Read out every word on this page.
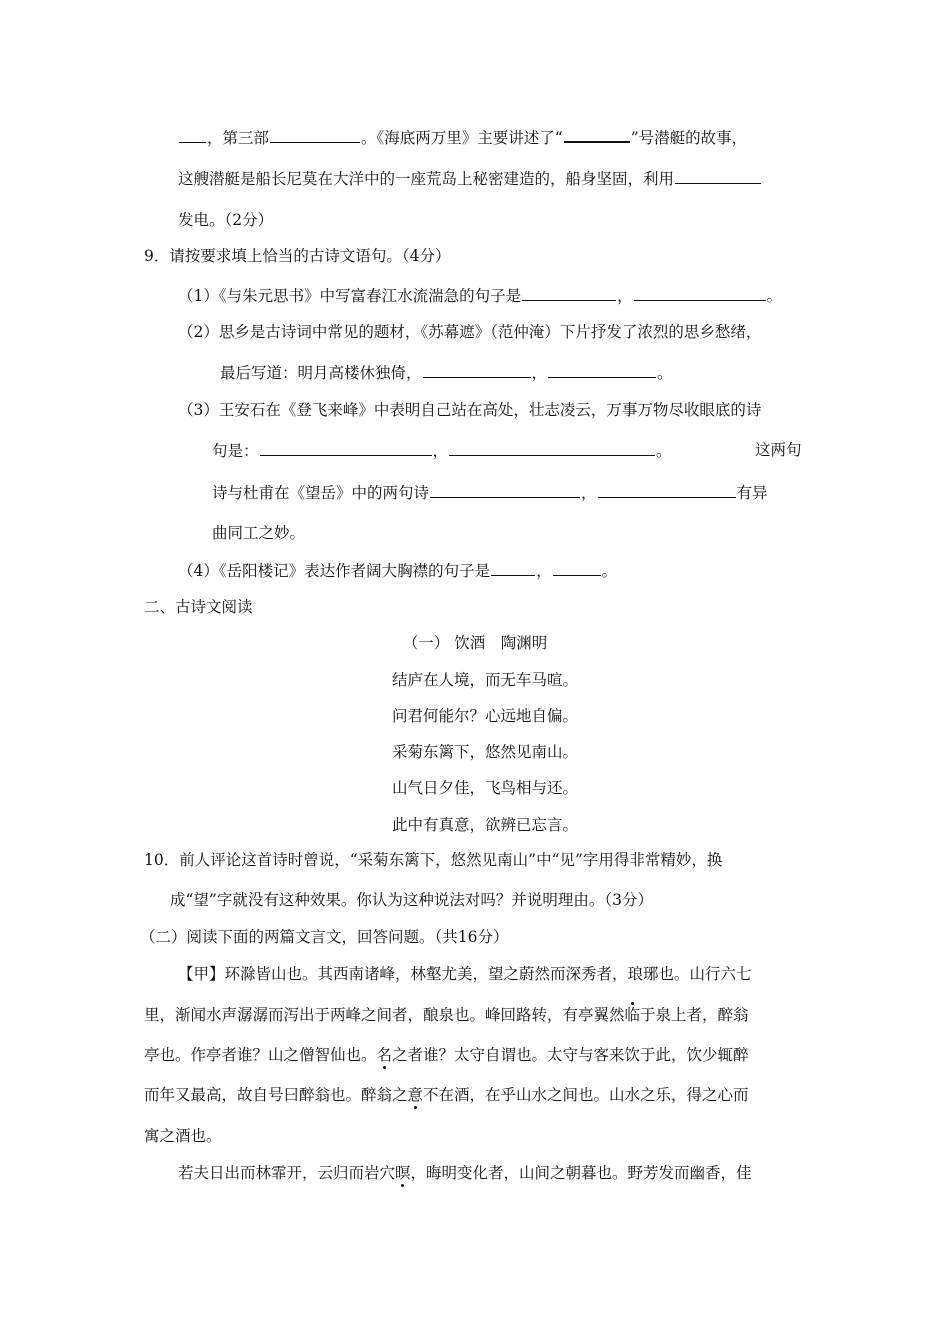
，第三部	。《海底两万里》主要讲述了“	”号潜艇的故事，
这艘潜艇是船长尼莫在大洋中的一座荒岛上秘密建造的，船身坚固，利用
发电。（2分）
9．请按要求填上恰当的古诗文语句。（4分）
（1）《与朱元思书》中写富春江水流湍急的句子是	，	。
（2）思乡是古诗词中常见的题材，《苏幕遮》（范仲淹）下片抒发了浓烈的思乡愁绪，
最后写道：明月高楼休独倚，	，	。
（3）王安石在《登飞来峰》中表明自己站在高处，壮志凌云，万事万物尽收眼底的诗
句是：	，	。	这两句
诗与杜甫在《望岳》中的两句诗	，	有异
曲同工之妙。
（4）《岳阳楼记》表达作者阔大胸襟的句子是	，	。
二、古诗文阅读
（一） 饮酒　陶渊明
结庐在人境，而无车马喧。
问君何能尔？心远地自偏。
采菊东篱下，悠然见南山。
山气日夕佳，飞鸟相与还。
此中有真意，欲辨已忘言。
10．前人评论这首诗时曾说，“采菊东篱下，悠然见南山”中“见”字用得非常精妙，换
成“望”字就没有这种效果。你认为这种说法对吗？并说明理由。（3分）
（二）阅读下面的两篇文言文，回答问题。（共16分）
【甲】环滁皆山也。其西南诸峰，林壑尤美，望之蔚然而深秀者，琅琊也。山行六七
里，渐闻水声潺潺而泻出于两峰之间者，酿泉也。峰回路转，有亭翼然临于泉上者，醉翁
亭也。作亭者谁？山之僧智仙也。名之者谁？太守自谓也。太守与客来饮于此，饮少辄醉
而年又最高，故自号曰醉翁也。醉翁之意不在酒，在乎山水之间也。山水之乐，得之心而
寓之酒也。
若夫日出而林霏开，云归而岩穴暝，晦明变化者，山间之朝暮也。野芳发而幽香，佳
